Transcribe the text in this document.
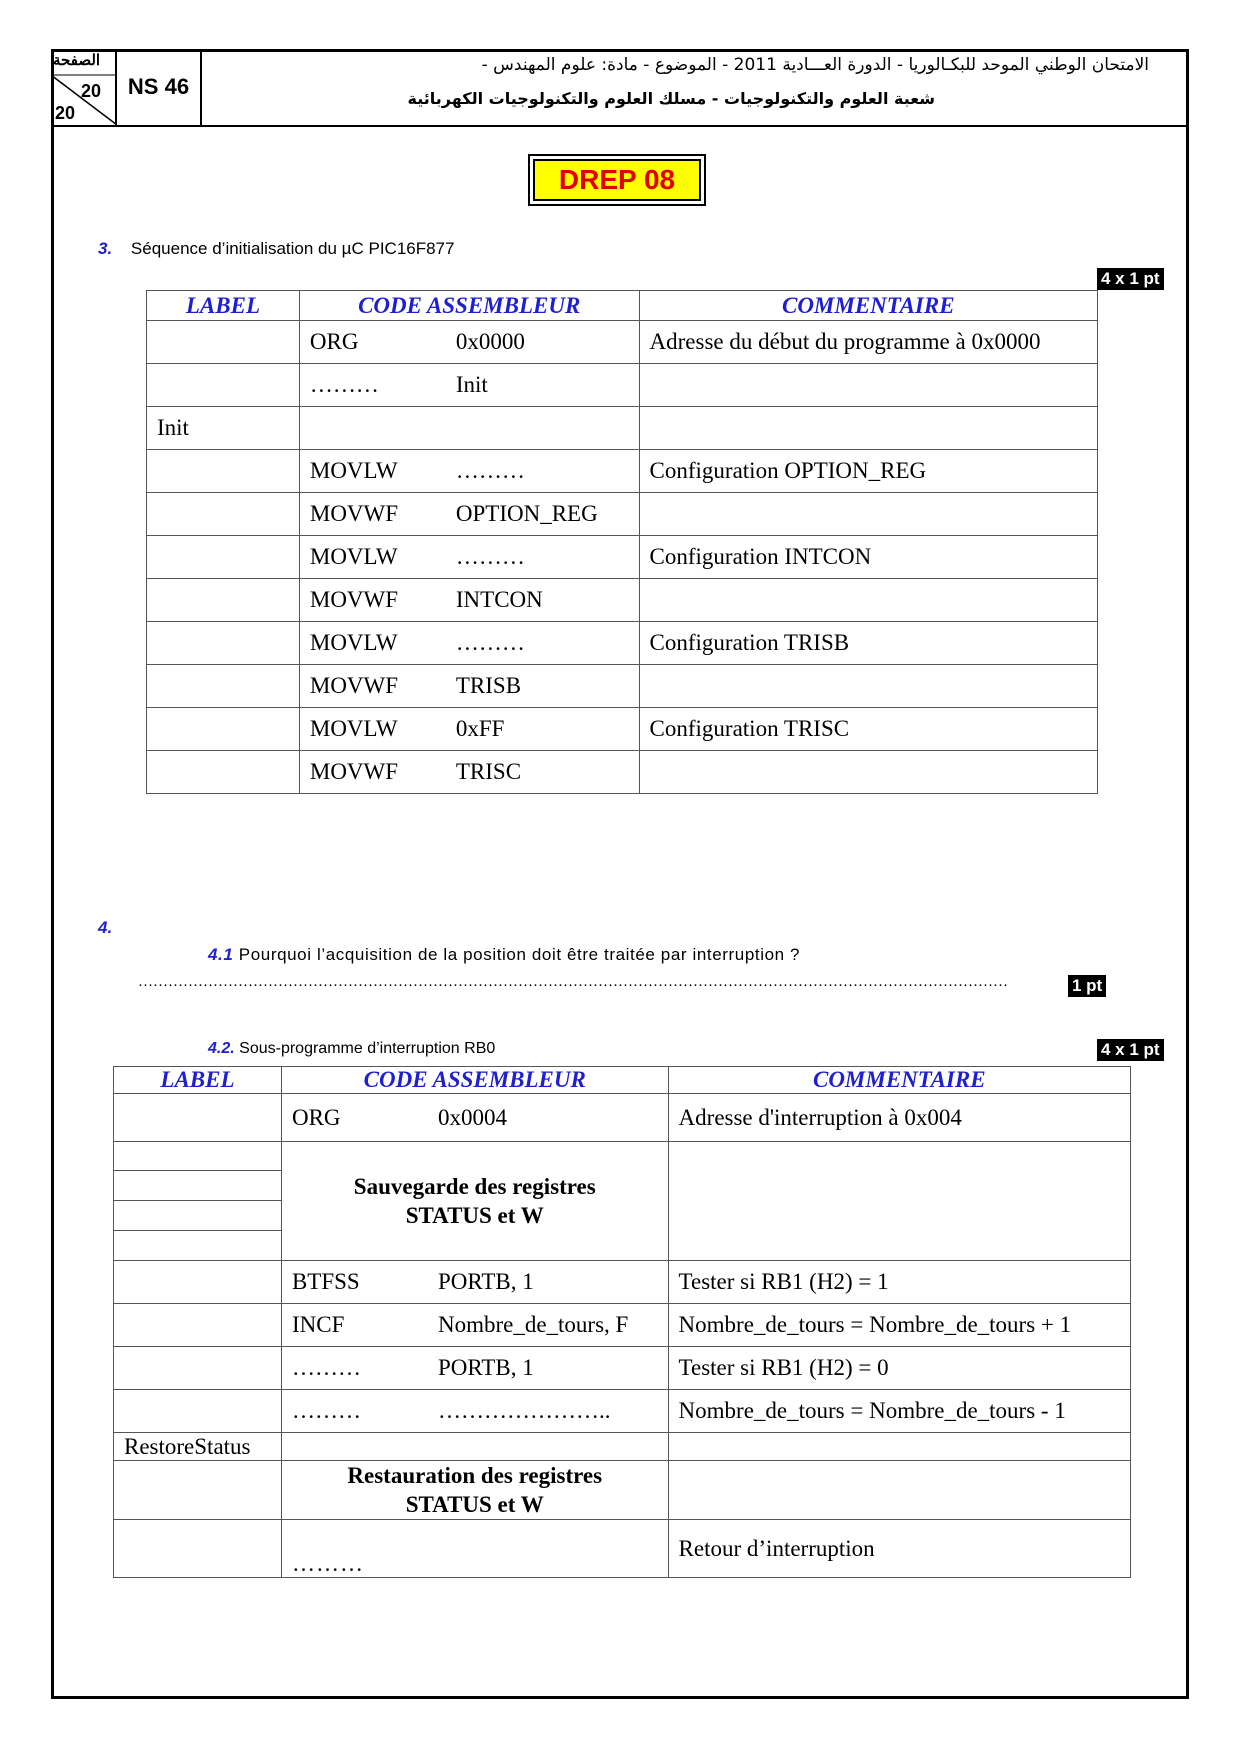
الصفحة
20
20
NS 46
الامتحان الوطني الموحد للبكـالوريا - الدورة العـــادية 2011 - الموضوع - مادة: علوم المهندس -
شعبة العلوم والتكنولوجيات - مسلك العلوم والتكنولوجيات الكهربائية
DREP 08
3. Séquence d’initialisation du µC PIC16F877
4 x 1 pt
LABEL	CODE ASSEMBLEUR	COMMENTAIRE
	ORG 0x0000	Adresse du début du programme à 0x0000
	……… Init	
Init		
	MOVLW ………	Configuration OPTION_REG
	MOVWF OPTION_REG	
	MOVLW ………	Configuration INTCON
	MOVWF INTCON	
	MOVLW ………	Configuration TRISB
	MOVWF TRISB	
	MOVLW 0xFF	Configuration TRISC
	MOVWF TRISC	
4.
4.1 Pourquoi l’acquisition de la position doit être traitée par interruption ?
…………………………………………………………………………………………………………………………………………………………	1 pt
4.2. Sous-programme d’interruption RB0	4 x 1 pt
LABEL	CODE ASSEMBLEUR	COMMENTAIRE
	ORG 0x0004	Adresse d'interruption à 0x004

	Sauvegarde des registres
STATUS et W	

	BTFSS PORTB, 1	Tester si RB1 (H2) = 1
	INCF Nombre_de_tours, F	Nombre_de_tours = Nombre_de_tours + 1
	……… PORTB, 1	Tester si RB1 (H2) = 0
	……… …………………..	Nombre_de_tours = Nombre_de_tours - 1
RestoreStatus		

	Restauration des registres
STATUS et W	

	………	Retour d’interruption
